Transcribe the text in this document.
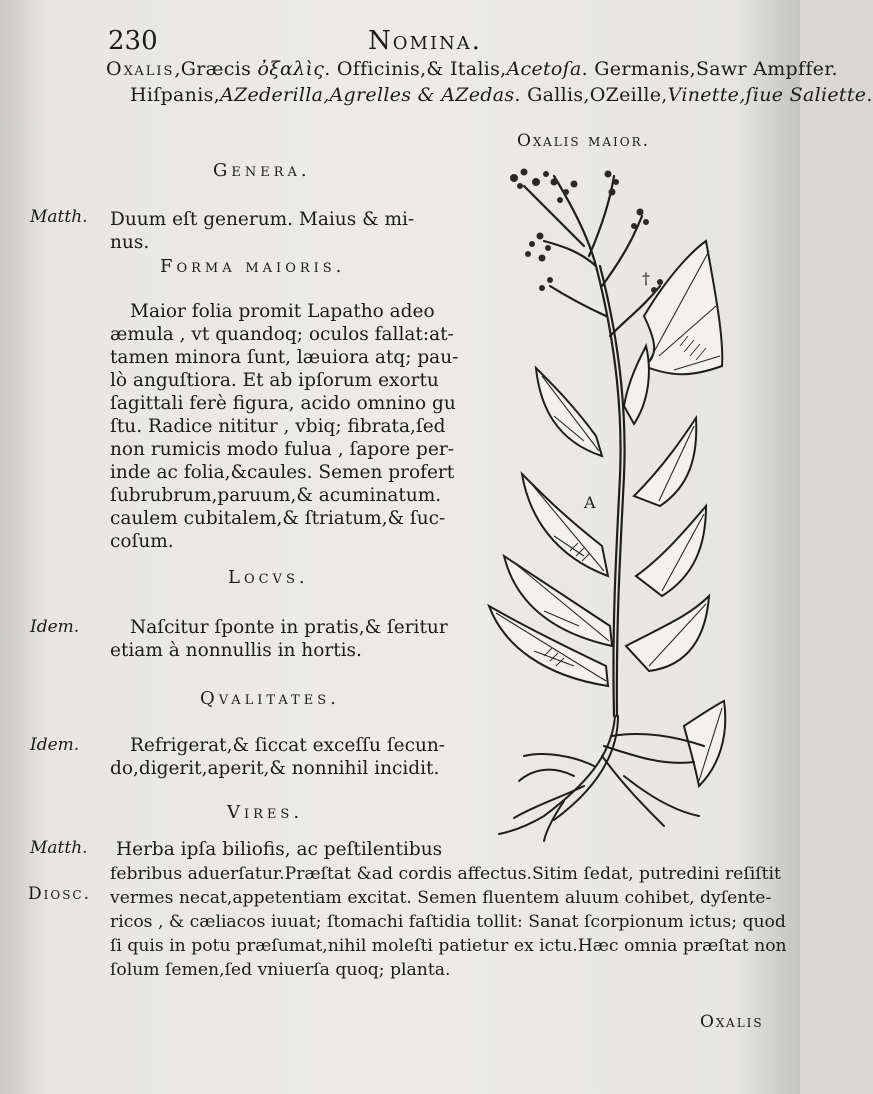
230	Nomina.
Oxalis,Græcis ὀξαλὶς. Officinis,& Italis,Acetoſa. Germanis,Sawr Ampffer.
Hiſpanis,AZederilla,Agrelles & AZedas. Gallis,OZeille,Vinette,ſiue Saliette.
Oxalis maior.
Genera.
Forma maioris.
Locvs.
Qvalitates.
Vires.
Matth.
Idem.
Idem.
Matth.
Diosc.
Duum eſt generum. Maius & mi-
nus.
Maior folia promit Lapatho adeo
æmula , vt quandoq; oculos fallat:at-
tamen minora ſunt, læuiora atq; pau-
lò anguſtiora. Et ab ipſorum exortu
ſagittali ferè figura, acido omnino gu
ſtu. Radice nititur , vbiq; fibrata,ſed
non rumicis modo fulua , ſapore per-
inde ac folia,&caules. Semen profert
ſubrubrum,paruum,& acuminatum.
caulem cubitalem,& ſtriatum,& ſuc-
coſum.
Naſcitur ſponte in pratis,& ſeritur
etiam à nonnullis in hortis.
Refrigerat,& ſiccat exceſſu ſecun-
do,digerit,aperit,& nonnihil incidit.
Herba ipſa biliofis, ac peſtilentibus
febribus aduerſatur.Præſtat &ad cordis affectus.Sitim ſedat, putredini reſiſtit
vermes necat,appetentiam excitat. Semen fluentem aluum cohibet, dyſente-
ricos , & cæliacos iuuat; ſtomachi faſtidia tollit: Sanat ſcorpionum ictus; quod
ſi quis in potu præſumat,nihil moleſti patietur ex ictu.Hæc omnia præſtat non
ſolum ſemen,ſed vniuerſa quoq; planta.
Oxalis
A
†
